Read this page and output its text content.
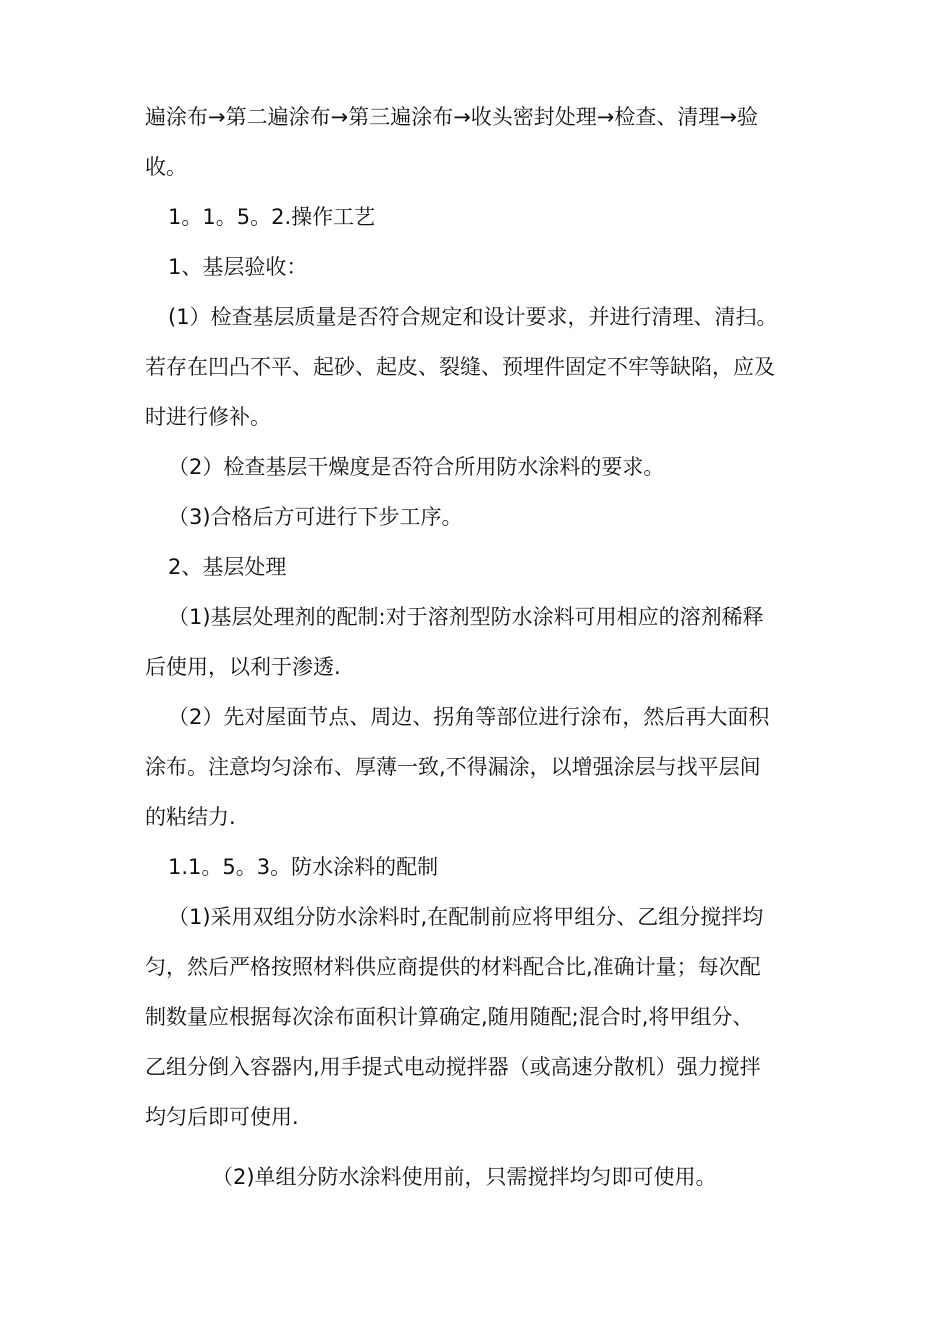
遍涂布→第二遍涂布→第三遍涂布→收头密封处理→检查、清理→验
收。
1。1。5。2.操作工艺
1、基层验收：
(1）检查基层质量是否符合规定和设计要求，并进行清理、清扫。
若存在凹凸不平、起砂、起皮、裂缝、预埋件固定不牢等缺陷，应及
时进行修补。
（2）检查基层干燥度是否符合所用防水涂料的要求。
（3)合格后方可进行下步工序。
2、基层处理
（1)基层处理剂的配制:对于溶剂型防水涂料可用相应的溶剂稀释
后使用，以利于渗透.
（2）先对屋面节点、周边、拐角等部位进行涂布，然后再大面积
涂布。注意均匀涂布、厚薄一致,不得漏涂，以增强涂层与找平层间
的粘结力.
1.1。5。3。防水涂料的配制
（1)采用双组分防水涂料时,在配制前应将甲组分、乙组分搅拌均
匀，然后严格按照材料供应商提供的材料配合比,准确计量；每次配
制数量应根据每次涂布面积计算确定,随用随配;混合时,将甲组分、
乙组分倒入容器内,用手提式电动搅拌器（或高速分散机）强力搅拌
均匀后即可使用.
（2)单组分防水涂料使用前，只需搅拌均匀即可使用。
